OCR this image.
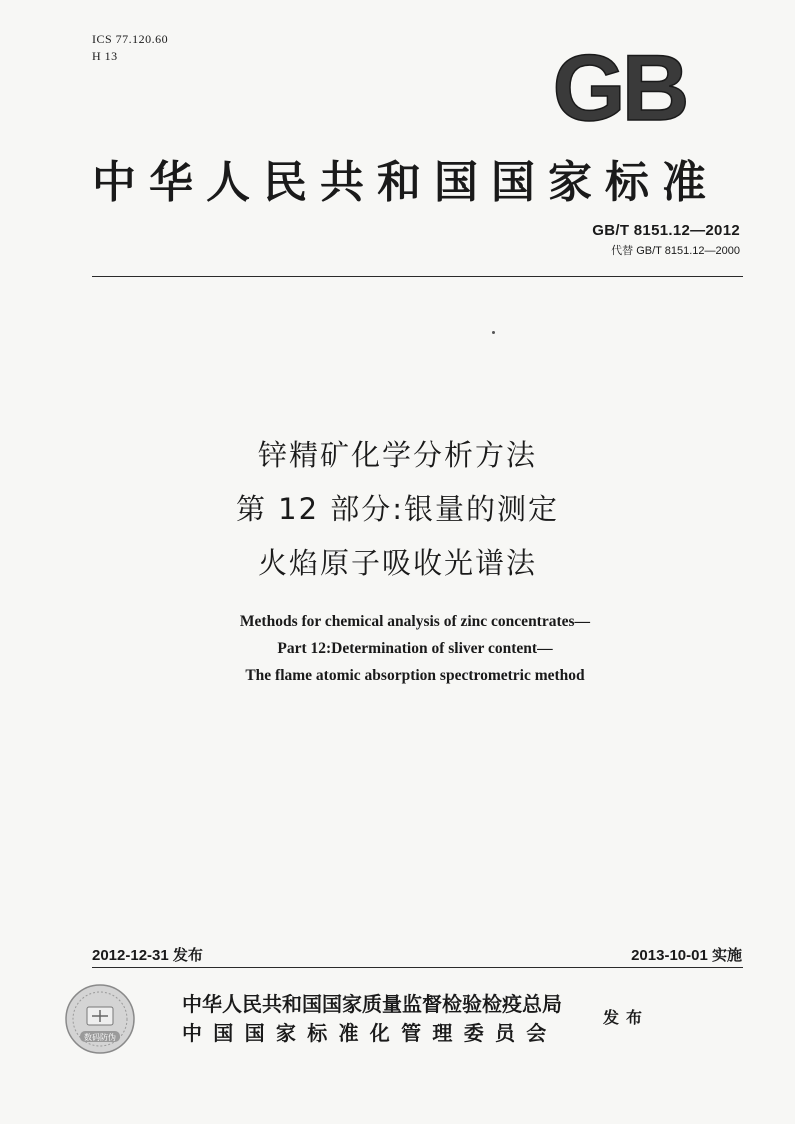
ICS 77.120.60
H 13	GB
中华人民共和国国家标准
GB/T 8151.12—2012
代替 GB/T 8151.12—2000
锌精矿化学分析方法
第 12 部分:银量的测定
火焰原子吸收光谱法
Methods for chemical analysis of zinc concentrates—
Part 12:Determination of sliver content—
The flame atomic absorption spectrometric method
2012-12-31 发布	2013-10-01 实施
数码防伪
中华人民共和国国家质量监督检验检疫总局
中国国家标准化管理委员会
发布
